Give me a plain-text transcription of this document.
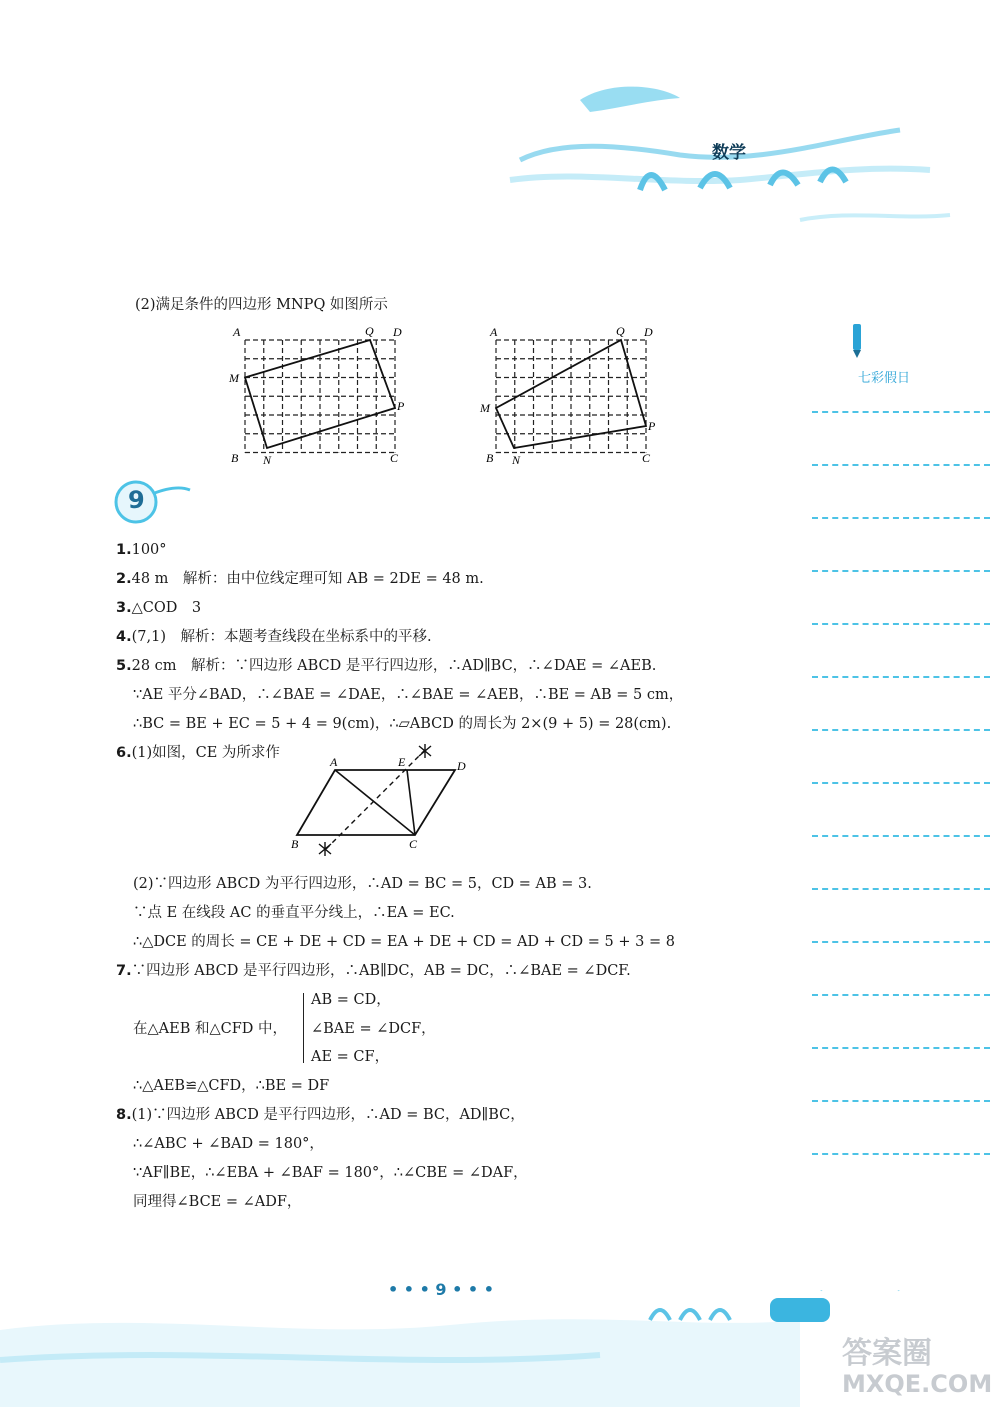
数学
七彩假日
(2)满足条件的四边形 MNPQ 如图所示
A	Q D
M
P
B N	C
A	Q D
M
P
B N	C
9
1.100°
2.48 m　解析：由中位线定理可知 AB = 2DE = 48 m.
3.△COD　3
4.(7,1)　解析：本题考查线段在坐标系中的平移.
5.28 cm　解析：∵四边形 ABCD 是平行四边形，∴AD∥BC，∴∠DAE = ∠AEB.
∵AE 平分∠BAD，∴∠BAE = ∠DAE，∴∠BAE = ∠AEB，∴BE = AB = 5 cm，
∴BC = BE + EC = 5 + 4 = 9(cm)，∴▱ABCD 的周长为 2×(9 + 5) = 28(cm).
6.(1)如图，CE 为所求作
A	E	D
B	C
(2)∵四边形 ABCD 为平行四边形，∴AD = BC = 5，CD = AB = 3.
∵点 E 在线段 AC 的垂直平分线上，∴EA = EC.
∴△DCE 的周长 = CE + DE + CD = EA + DE + CD = AD + CD = 5 + 3 = 8
7.∵四边形 ABCD 是平行四边形，∴AB∥DC，AB = DC，∴∠BAE = ∠DCF.
在△AEB 和△CFD 中，
AB = CD，
∠BAE = ∠DCF，
AE = CF，
∴△AEB≌△CFD，∴BE = DF
8.(1)∵四边形 ABCD 是平行四边形，∴AD = BC，AD∥BC，
∴∠ABC + ∠BAD = 180°，
∵AF∥BE，∴∠EBA + ∠BAF = 180°，∴∠CBE = ∠DAF，
同理得∠BCE = ∠ADF，
• • • 9 • • •
答案圈
MXQE.COM
